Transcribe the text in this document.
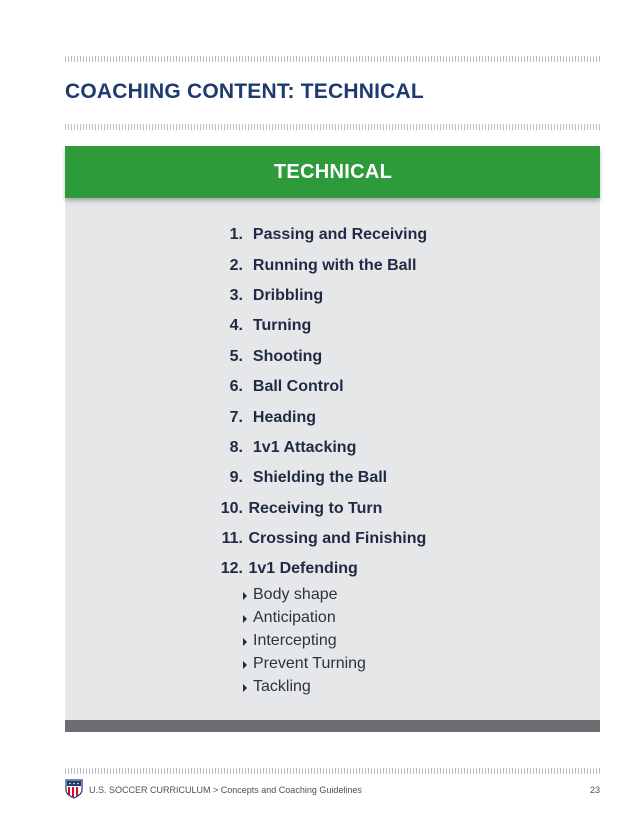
COACHING CONTENT: TECHNICAL
TECHNICAL
1.
Passing and Receiving
2.
Running with the Ball
3.
Dribbling
4.
Turning
5.
Shooting
6.
Ball Control
7.
Heading
8.
1v1 Attacking
9.
Shielding the Ball
10.
Receiving to Turn
11.
Crossing and Finishing
12.
1v1 Defending
Body shape
Anticipation
Intercepting
Prevent Turning
Tackling
U.S. SOCCER CURRICULUM > Concepts and Coaching Guidelines	23
